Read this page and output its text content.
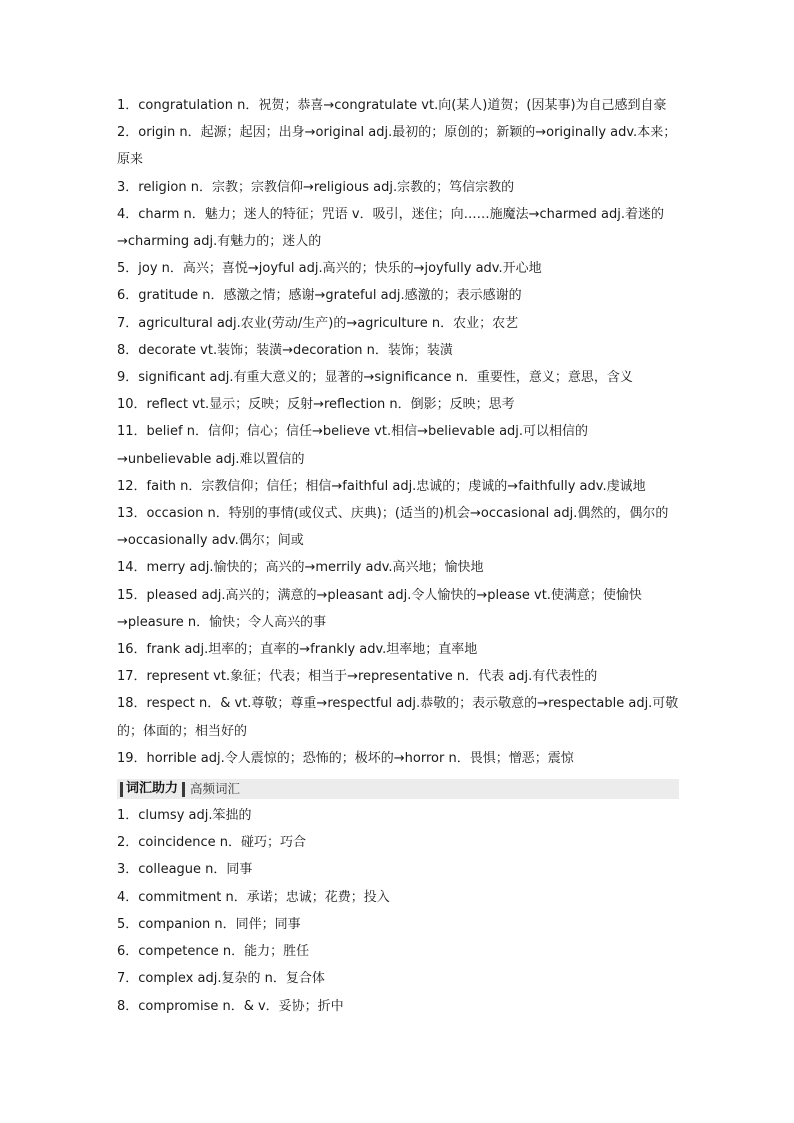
1．congratulation n．祝贺；恭喜→congratulate vt.向(某人)道贺；(因某事)为自己感到自豪

2．origin n．起源；起因；出身→original adj.最初的；原创的；新颖的→originally adv.本来；原来

3．religion n．宗教；宗教信仰→religious adj.宗教的；笃信宗教的

4．charm n．魅力；迷人的特征；咒语 v．吸引，迷住；向……施魔法→charmed adj.着迷的→charming adj.有魅力的；迷人的

5．joy n．高兴；喜悦→joyful adj.高兴的；快乐的→joyfully adv.开心地

6．gratitude n．感激之情；感谢→grateful adj.感激的；表示感谢的

7．agricultural adj.农业(劳动/生产)的→agriculture n．农业；农艺

8．decorate vt.装饰；装潢→decoration n．装饰；装潢

9．significant adj.有重大意义的；显著的→significance n．重要性，意义；意思，含义

10．reflect vt.显示；反映；反射→reflection n．倒影；反映；思考

11．belief n．信仰；信心；信任→believe vt.相信→believable adj.可以相信的→unbelievable adj.难以置信的

12．faith n．宗教信仰；信任；相信→faithful adj.忠诚的；虔诚的→faithfully adv.虔诚地

13．occasion n．特别的事情(或仪式、庆典)；(适当的)机会→occasional adj.偶然的，偶尔的→occasionally adv.偶尔；间或

14．merry adj.愉快的；高兴的→merrily adv.高兴地；愉快地

15．pleased adj.高兴的；满意的→pleasant adj.令人愉快的→please vt.使满意；使愉快→pleasure n．愉快；令人高兴的事

16．frank adj.坦率的；直率的→frankly adv.坦率地；直率地

17．represent vt.象征；代表；相当于→representative n．代表 adj.有代表性的

18．respect n．& vt.尊敬；尊重→respectful adj.恭敬的；表示敬意的→respectable adj.可敬的；体面的；相当好的

19．horrible adj.令人震惊的；恐怖的；极坏的→horror n．畏惧；憎恶；震惊

词汇助力 高频词汇

1．clumsy adj.笨拙的

2．coincidence n．碰巧；巧合

3．colleague n．同事

4．commitment n．承诺；忠诚；花费；投入

5．companion n．同伴；同事

6．competence n．能力；胜任

7．complex adj.复杂的 n．复合体

8．compromise n．& v．妥协；折中
